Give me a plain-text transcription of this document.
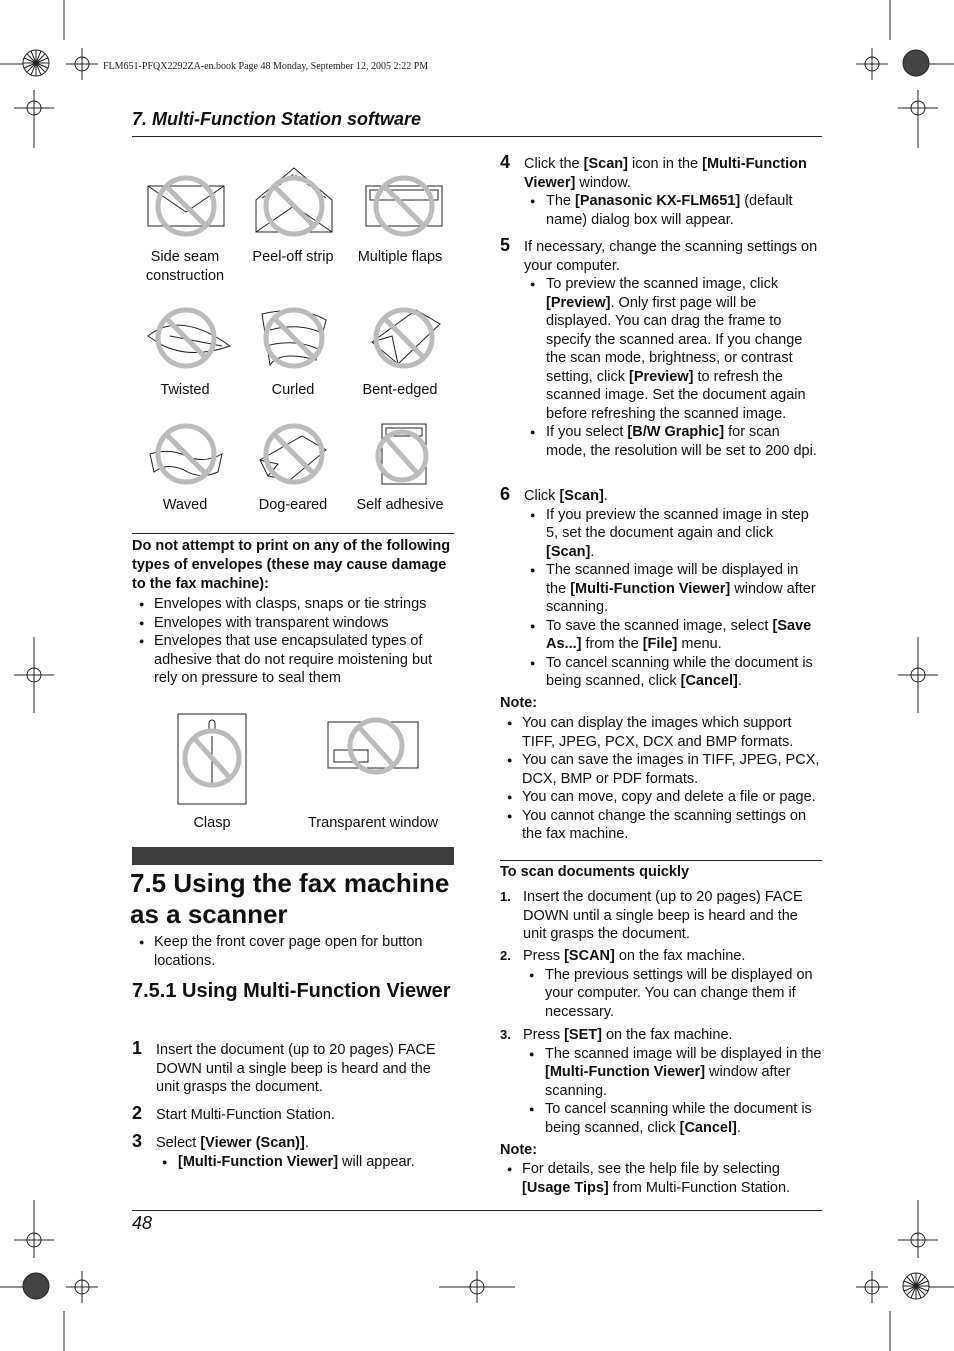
FLM651-PFQX2292ZA-en.book Page 48 Monday, September 12, 2005 2:22 PM
7. Multi-Function Station software
Side seam construction
Peel-off strip	Multiple flaps
Twisted	Curled	Bent-edged
Waved	Dog-eared	Self adhesive
Do not attempt to print on any of the following types of envelopes (these may cause damage to the fax machine):
● Envelopes with clasps, snaps or tie strings
● Envelopes with transparent windows
● Envelopes that use encapsulated types of adhesive that do not require moistening but rely on pressure to seal them
Clasp	Transparent window
7.5 Using the fax machine as a scanner
● Keep the front cover page open for button locations.
7.5.1 Using Multi-Function Viewer
1 Insert the document (up to 20 pages) FACE DOWN until a single beep is heard and the unit grasps the document.
2 Start Multi-Function Station.
3 Select [Viewer (Scan)].
● [Multi-Function Viewer] will appear.
4 Click the [Scan] icon in the [Multi-Function Viewer] window.
● The [Panasonic KX-FLM651] (default name) dialog box will appear.
5 If necessary, change the scanning settings on your computer.
● To preview the scanned image, click [Preview]. Only first page will be displayed. You can drag the frame to specify the scanned area. If you change the scan mode, brightness, or contrast setting, click [Preview] to refresh the scanned image. Set the document again before refreshing the scanned image.
● If you select [B/W Graphic] for scan mode, the resolution will be set to 200 dpi.
6 Click [Scan].
● If you preview the scanned image in step 5, set the document again and click [Scan].
● The scanned image will be displayed in the [Multi-Function Viewer] window after scanning.
● To save the scanned image, select [Save As...] from the [File] menu.
● To cancel scanning while the document is being scanned, click [Cancel].
Note:
● You can display the images which support TIFF, JPEG, PCX, DCX and BMP formats.
● You can save the images in TIFF, JPEG, PCX, DCX, BMP or PDF formats.
● You can move, copy and delete a file or page.
● You cannot change the scanning settings on the fax machine.
To scan documents quickly
1. Insert the document (up to 20 pages) FACE DOWN until a single beep is heard and the unit grasps the document.
2. Press [SCAN] on the fax machine.
● The previous settings will be displayed on your computer. You can change them if necessary.
3. Press [SET] on the fax machine.
● The scanned image will be displayed in the [Multi-Function Viewer] window after scanning.
● To cancel scanning while the document is being scanned, click [Cancel].
Note:
● For details, see the help file by selecting [Usage Tips] from Multi-Function Station.
48
